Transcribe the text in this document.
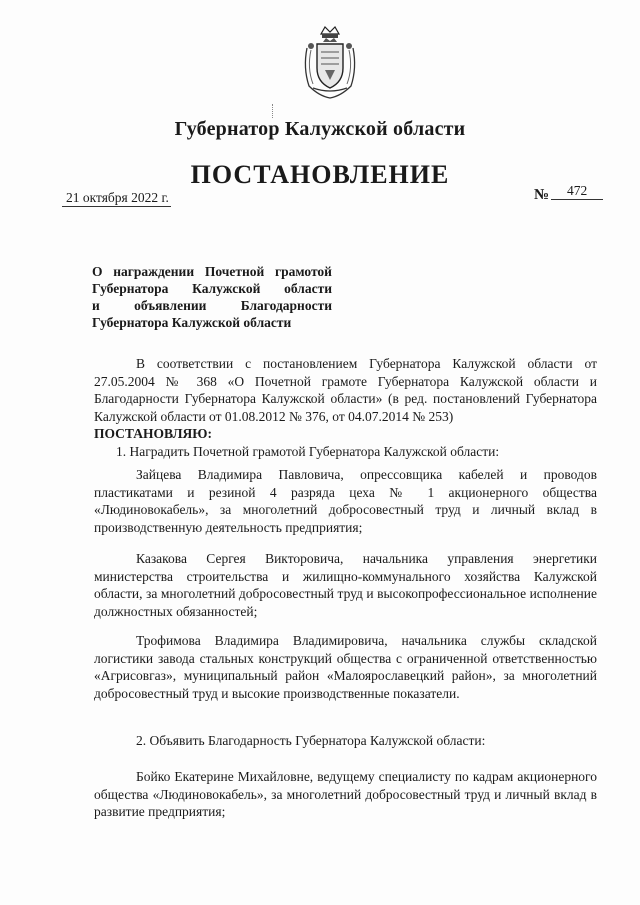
Губернатор Калужской области
ПОСТАНОВЛЕНИЕ
21 октября 2022 г.	№ 472
О награждении Почетной грамотой
Губернатора Калужской области
и	объявлении	Благодарности
Губернатора Калужской области

В соответствии с постановлением Губернатора Калужской области от 27.05.2004 № 368 «О Почетной грамоте Губернатора Калужской области и Благодарности Губернатора Калужской области» (в ред. постановлений Губернатора Калужской области от 01.08.2012 № 376, от 04.07.2014 № 253)

ПОСТАНОВЛЯЮ:

1. Наградить Почетной грамотой Губернатора Калужской области:

Зайцева Владимира Павловича, опрессовщика кабелей и проводов пластикатами и резиной 4 разряда цеха № 1 акционерного общества «Людиновокабель», за многолетний добросовестный труд и личный вклад в производственную деятельность предприятия;

Казакова Сергея Викторовича, начальника управления энергетики министерства строительства и жилищно-коммунального хозяйства Калужской области, за многолетний добросовестный труд и высокопрофессиональное исполнение должностных обязанностей;

Трофимова Владимира Владимировича, начальника службы складской логистики завода стальных конструкций общества с ограниченной ответственностью «Агрисовгаз», муниципальный район «Малоярославецкий район», за многолетний добросовестный труд и высокие производственные показатели.

2. Объявить Благодарность Губернатора Калужской области:

Бойко Екатерине Михайловне, ведущему специалисту по кадрам акционерного общества «Людиновокабель», за многолетний добросовестный труд и личный вклад в развитие предприятия;
